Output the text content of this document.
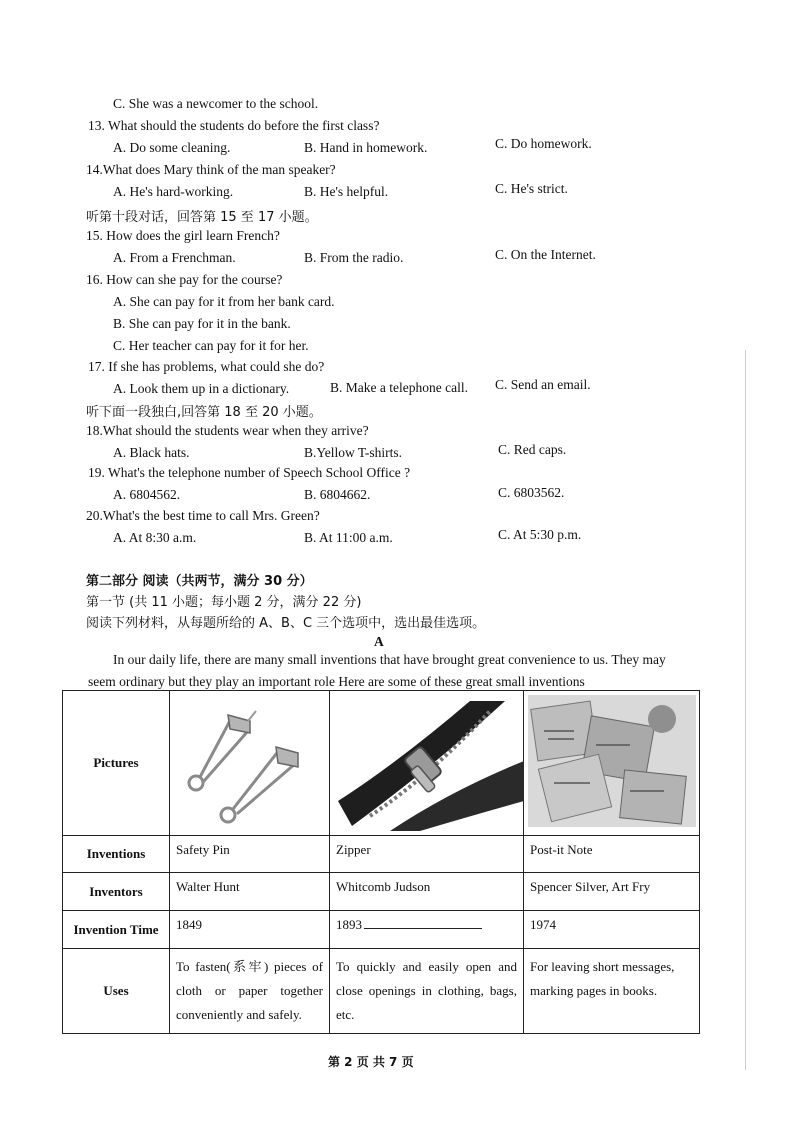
C. She was a newcomer to the school.
13. What should the students do before the first class?
A. Do some cleaning.	B. Hand in homework.	C. Do homework.
14.What does Mary think of the man speaker?
A. He's hard-working.	B. He's helpful.	C. He's strict.
听第十段对话，回答第 15 至 17 小题。
15. How does the girl learn French?
A. From a Frenchman.	B. From the radio.	C. On the Internet.
16. How can she pay for the course?
A. She can pay for it from her bank card.
B. She can pay for it in the bank.
C. Her teacher can pay for it for her.
17. If she has problems, what could she do?
A. Look them up in a dictionary.	B. Make a telephone call. C. Send an email.
听下面一段独白,回答第 18 至 20 小题。
18.What should the students wear when they arrive?
A. Black hats.	B.Yellow T-shirts.	C. Red caps.
19. What's the telephone number of Speech School Office ?
A. 6804562.	B. 6804662.	C. 6803562.
20.What's the best time to call Mrs. Green?
A. At 8:30 a.m.	B. At 11:00 a.m.	C. At 5:30 p.m.
第二部分 阅读（共两节，满分 30 分）
第一节 (共 11 小题；每小题 2 分，满分 22 分)
阅读下列材料，从每题所给的 A、B、C 三个选项中，选出最佳选项。
A
In our daily life, there are many small inventions that have brought great convenience to us. They may
seem ordinary but they play an important role Here are some of these great small inventions
Pictures			
Inventions	Safety Pin	Zipper	Post-it Note
Inventors	Walter Hunt	Whitcomb Judson	Spencer Silver, Art Fry
Invention Time	1849	1893	1974
Uses	To fasten(系牢) pieces of cloth or paper together conveniently and safely.	To quickly and easily open and close openings in clothing, bags, etc.	For leaving short messages, marking pages in books.
第 2 页 共 7 页
